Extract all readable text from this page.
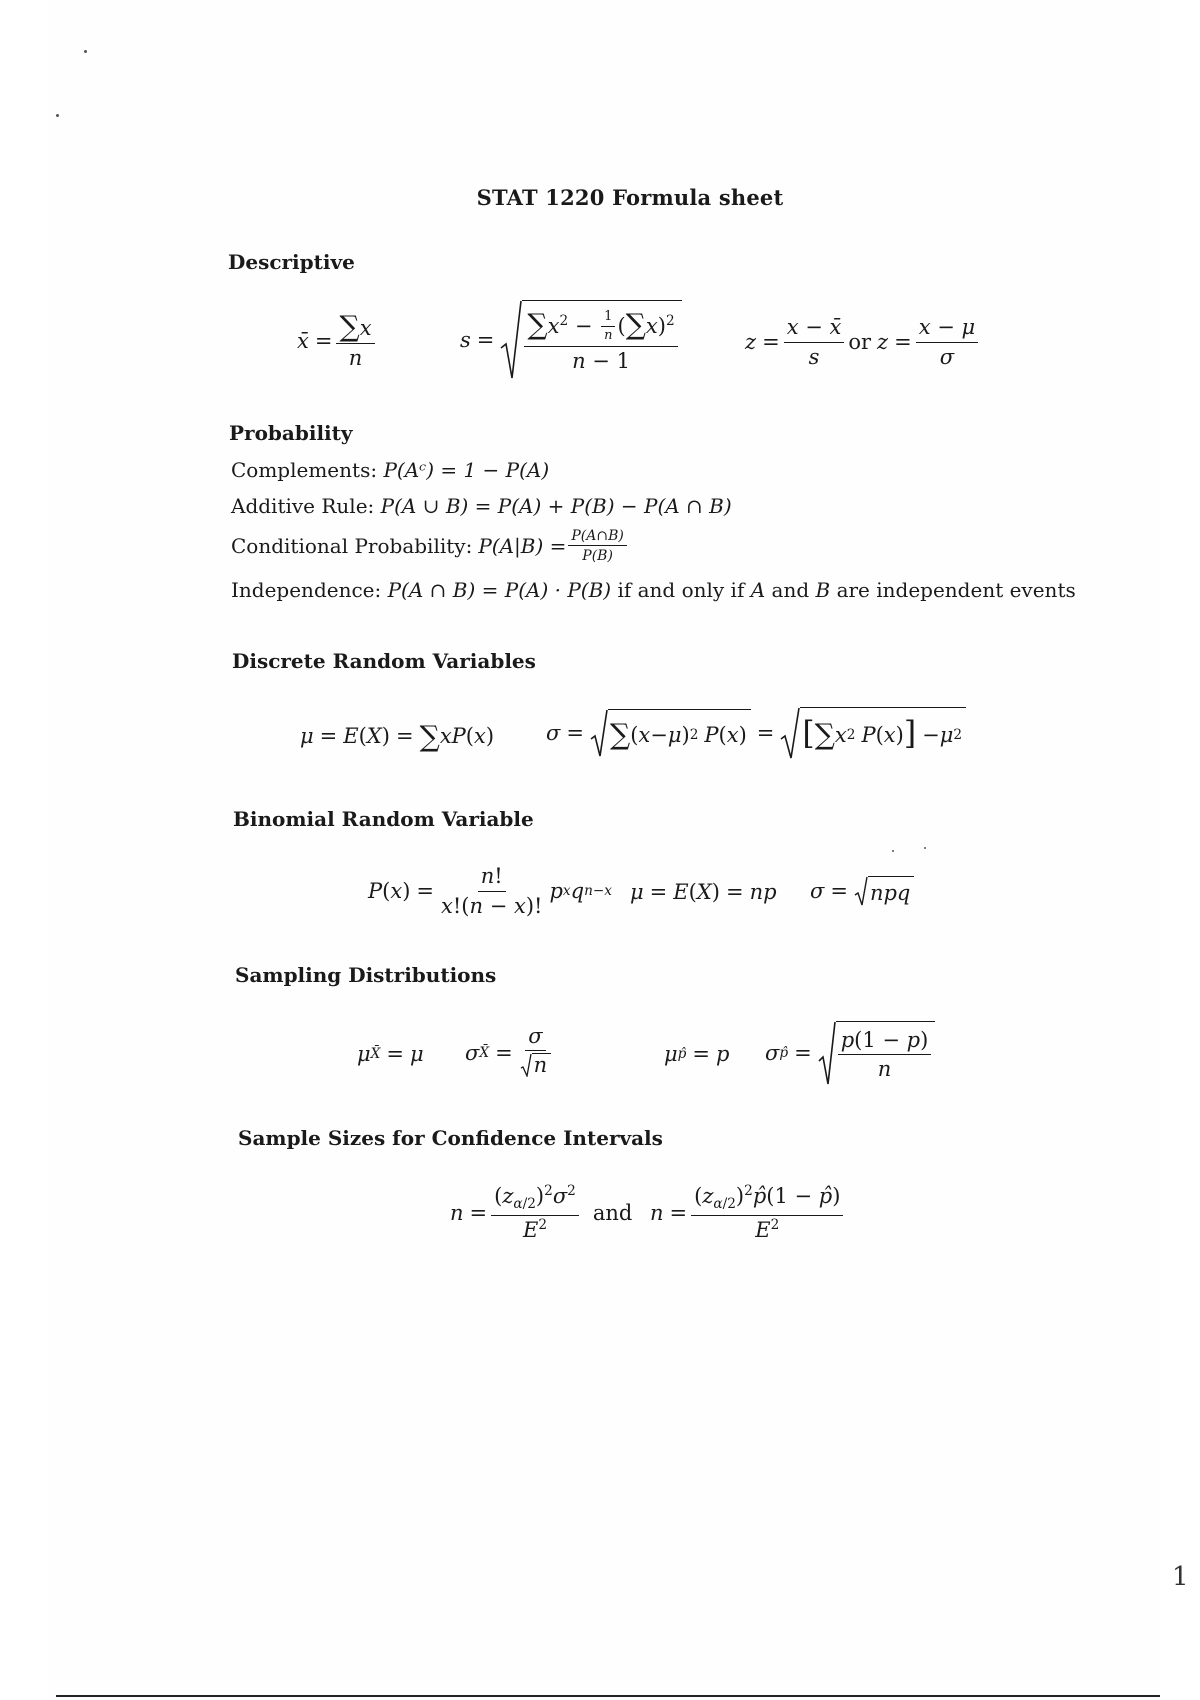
STAT 1220 Formula sheet
Descriptive
x̄ = $\frac{\sum x}{n}$	$s = \frac{\sum x^2 - \frac{1}{n} (\sum x)^2}{n - 1}$	$z = \frac{x - x̄}{s}$ or $z = \frac{x - \mu}{\sigma}$
Probability
Complements: P(Aᶜ) = 1 − P(A)
Additive Rule: P(A ∪ B) = P(A) + P(B) − P(A ∩ B)
Conditional Probability: $P(A|B) = \frac{P(A\cap B)}{P(B)}$
Independence: P(A ∩ B) = P(A) · P(B) if and only if A and B are independent events
Discrete Random Variables
μ = E ( X ) = ∑ xP ( x ) σ = ∑ ( x − μ ) 2 P ( x ) = [ ∑ x 2 P ( x ) ] − μ 2
Binomial Random Variable
P ( x ) = $\frac{n!}{x!(n - x)!}$ p x q n−x μ = E ( X ) = np σ = npq
Sampling Distributions
μ X̄ = μ σ X̄ = $\frac{\sigma}{n}$	μ p̂ = p σ p̂ = $\frac{p(1 - p)}{n}$
Sample Sizes for Confidence Intervals
$n = \frac{(z_{\alpha/2})^2\sigma^2}{E^2}$ and $n = \frac{(z_{\alpha/2})^2p̂(1 - p̂)}{E^2}$
1
